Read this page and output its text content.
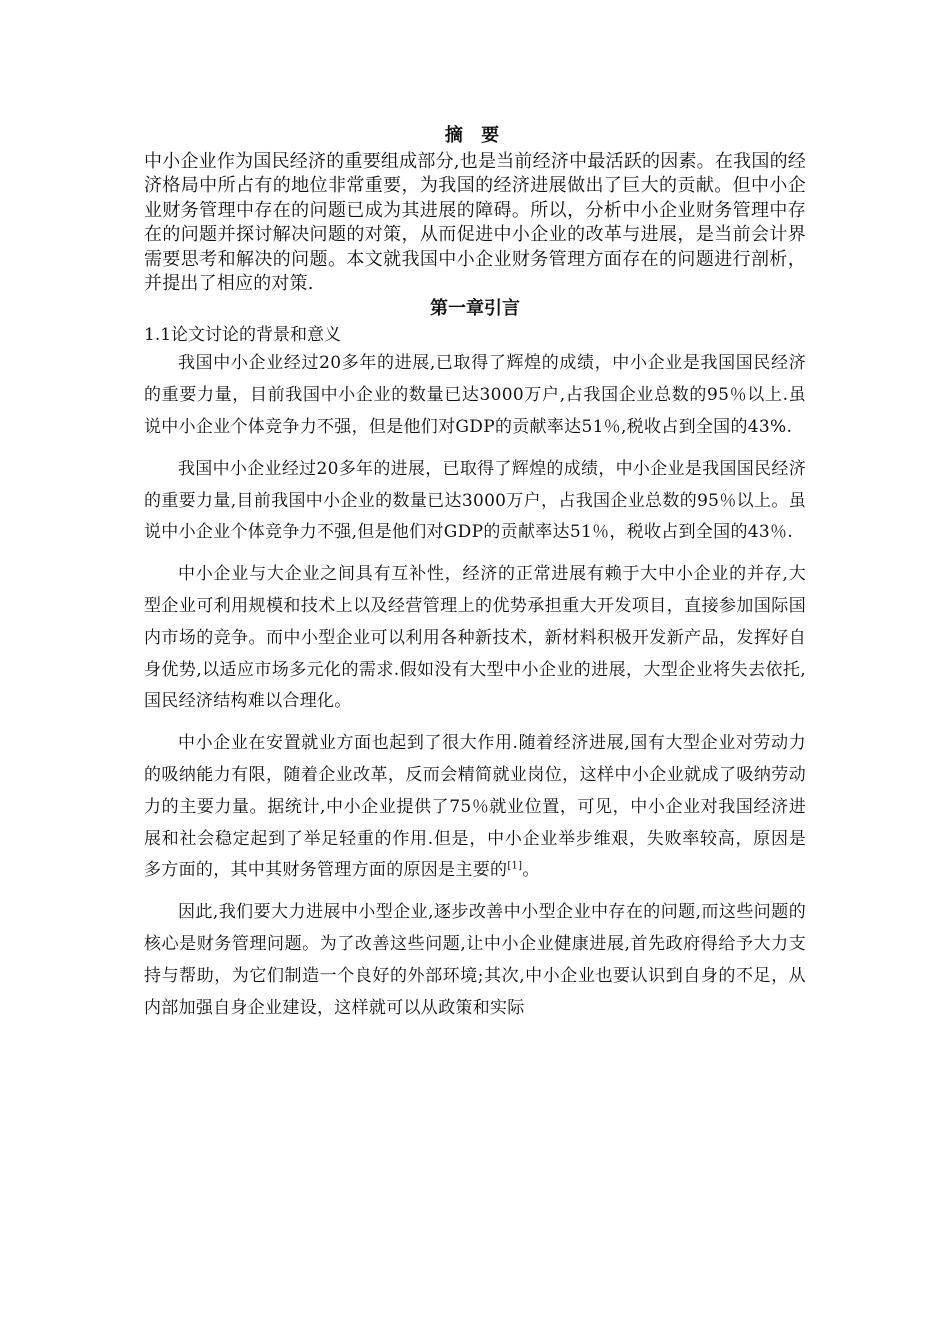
摘 要

中小企业作为国民经济的重要组成部分,也是当前经济中最活跃的因素。在我国的经济格局中所占有的地位非常重要，为我国的经济进展做出了巨大的贡献。但中小企业财务管理中存在的问题已成为其进展的障碍。所以，分析中小企业财务管理中存在的问题并探讨解决问题的对策，从而促进中小企业的改革与进展，是当前会计界需要思考和解决的问题。本文就我国中小企业财务管理方面存在的问题进行剖析，并提出了相应的对策.

第一章引言

1.1论文讨论的背景和意义

我国中小企业经过20多年的进展,已取得了辉煌的成绩，中小企业是我国国民经济的重要力量，目前我国中小企业的数量已达3000万户,占我国企业总数的95％以上.虽说中小企业个体竞争力不强，但是他们对GDP的贡献率达51％,税收占到全国的43%.

我国中小企业经过20多年的进展，已取得了辉煌的成绩，中小企业是我国国民经济的重要力量,目前我国中小企业的数量已达3000万户，占我国企业总数的95％以上。虽说中小企业个体竞争力不强,但是他们对GDP的贡献率达51％，税收占到全国的43％.

中小企业与大企业之间具有互补性，经济的正常进展有赖于大中小企业的并存,大型企业可利用规模和技术上以及经营管理上的优势承担重大开发项目，直接参加国际国内市场的竞争。而中小型企业可以利用各种新技术，新材料积极开发新产品，发挥好自身优势,以适应市场多元化的需求.假如没有大型中小企业的进展，大型企业将失去依托,国民经济结构难以合理化。

中小企业在安置就业方面也起到了很大作用.随着经济进展,国有大型企业对劳动力的吸纳能力有限，随着企业改革，反而会精简就业岗位，这样中小企业就成了吸纳劳动力的主要力量。据统计,中小企业提供了75％就业位置，可见，中小企业对我国经济进展和社会稳定起到了举足轻重的作用.但是，中小企业举步维艰，失败率较高，原因是多方面的，其中其财务管理方面的原因是主要的[1]。

因此,我们要大力进展中小型企业,逐步改善中小型企业中存在的问题,而这些问题的核心是财务管理问题。为了改善这些问题,让中小企业健康进展,首先政府得给予大力支持与帮助，为它们制造一个良好的外部环境;其次,中小企业也要认识到自身的不足，从内部加强自身企业建设，这样就可以从政策和实际
